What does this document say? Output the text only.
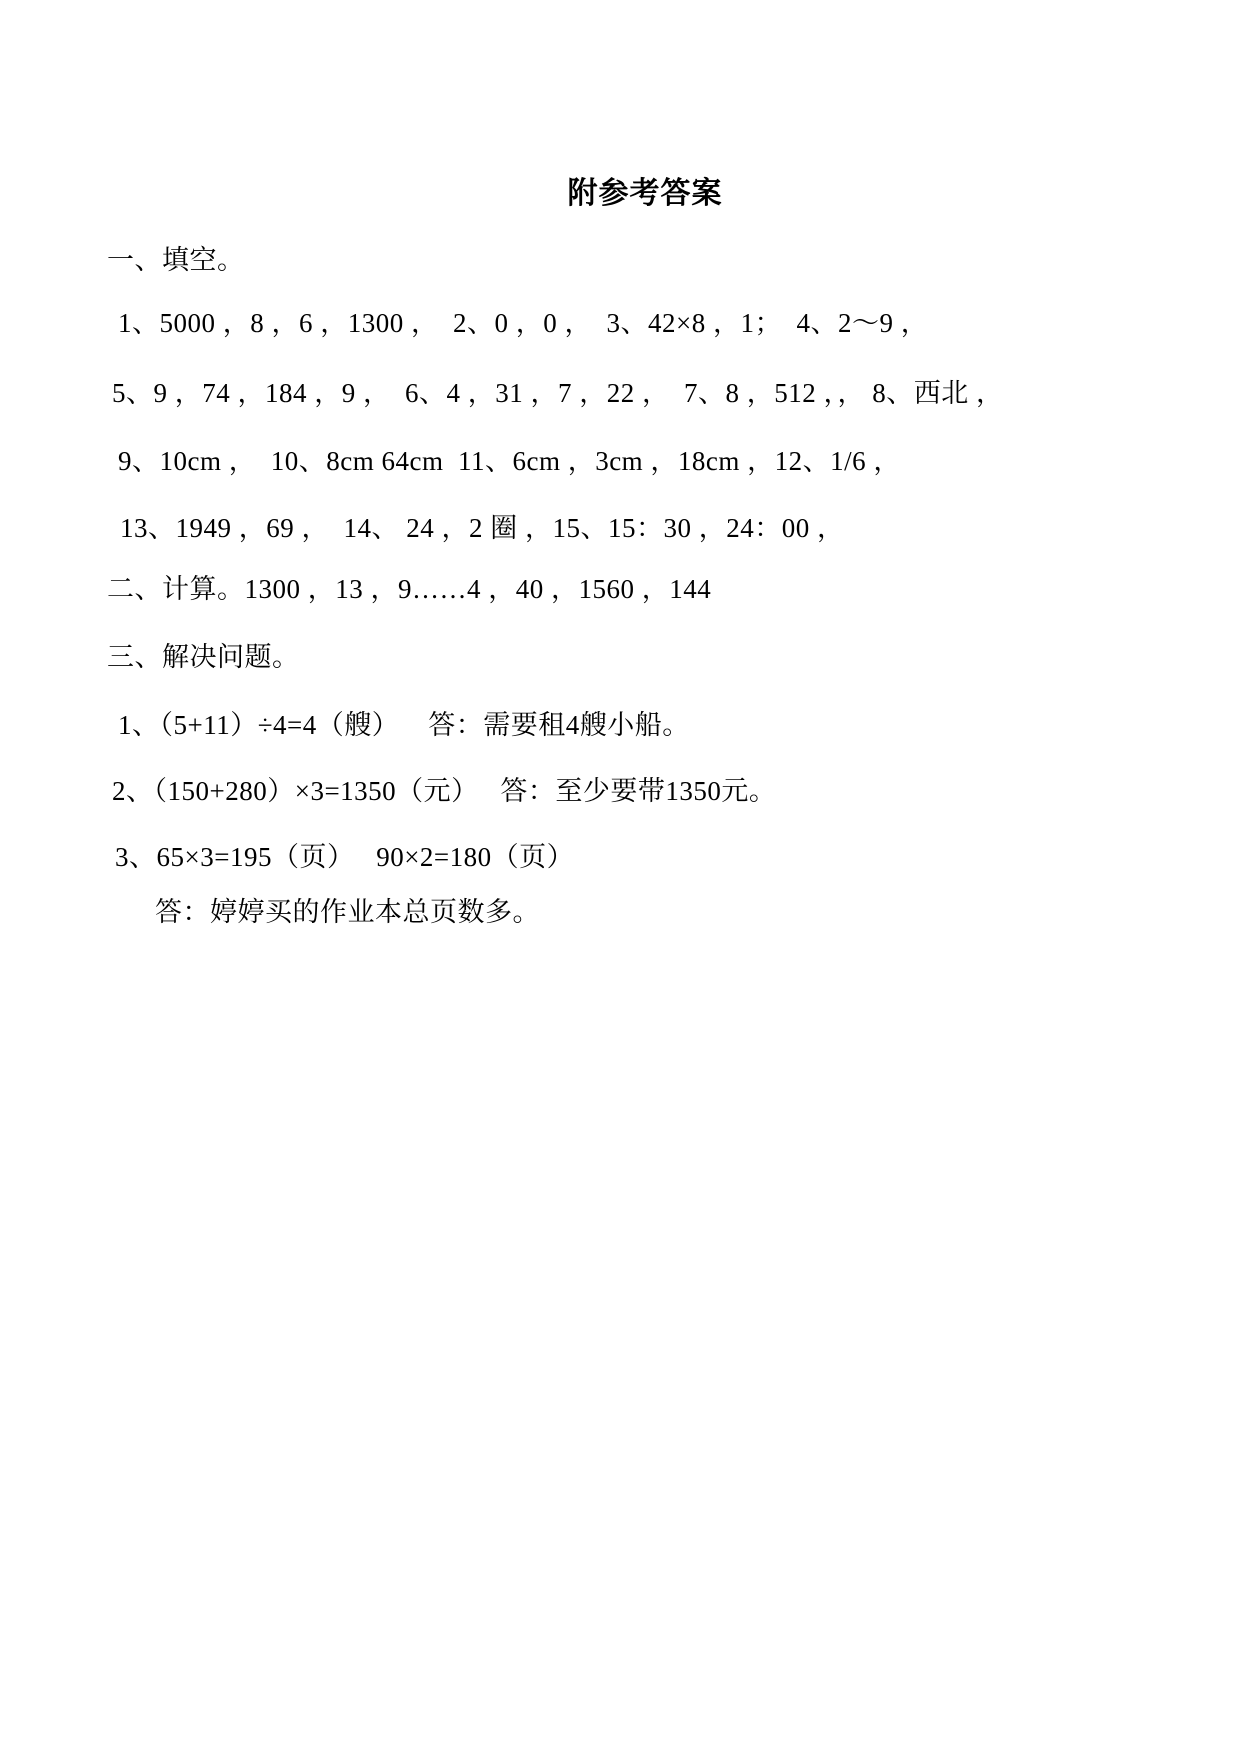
附参考答案
一、填空。
1、5000 ，8 ，6 ，1300 ，  2、0 ，0 ，  3、42×8 ，1；  4、2～9 ，
5、9 ，74 ，184 ，9 ，  6、4 ，31 ，7 ，22 ，  7、8 ，512 ，， 8、西北 ，
9、10cm ，  10、8cm 64cm  11、6cm ，3cm ，18cm ，12、1/6 ，
13、1949 ，69 ，  14、 24 ，2 圈 ，15、15：30 ，24：00 ，
二、计算。1300 ，13 ，9……4 ，40 ，1560 ，144
三、解决问题。
1、（5+11）÷4=4（艘）    答：需要租4艘小船。
2、（150+280）×3=1350（元）   答：至少要带1350元。
3、65×3=195（页）   90×2=180（页）
答：婷婷买的作业本总页数多。
